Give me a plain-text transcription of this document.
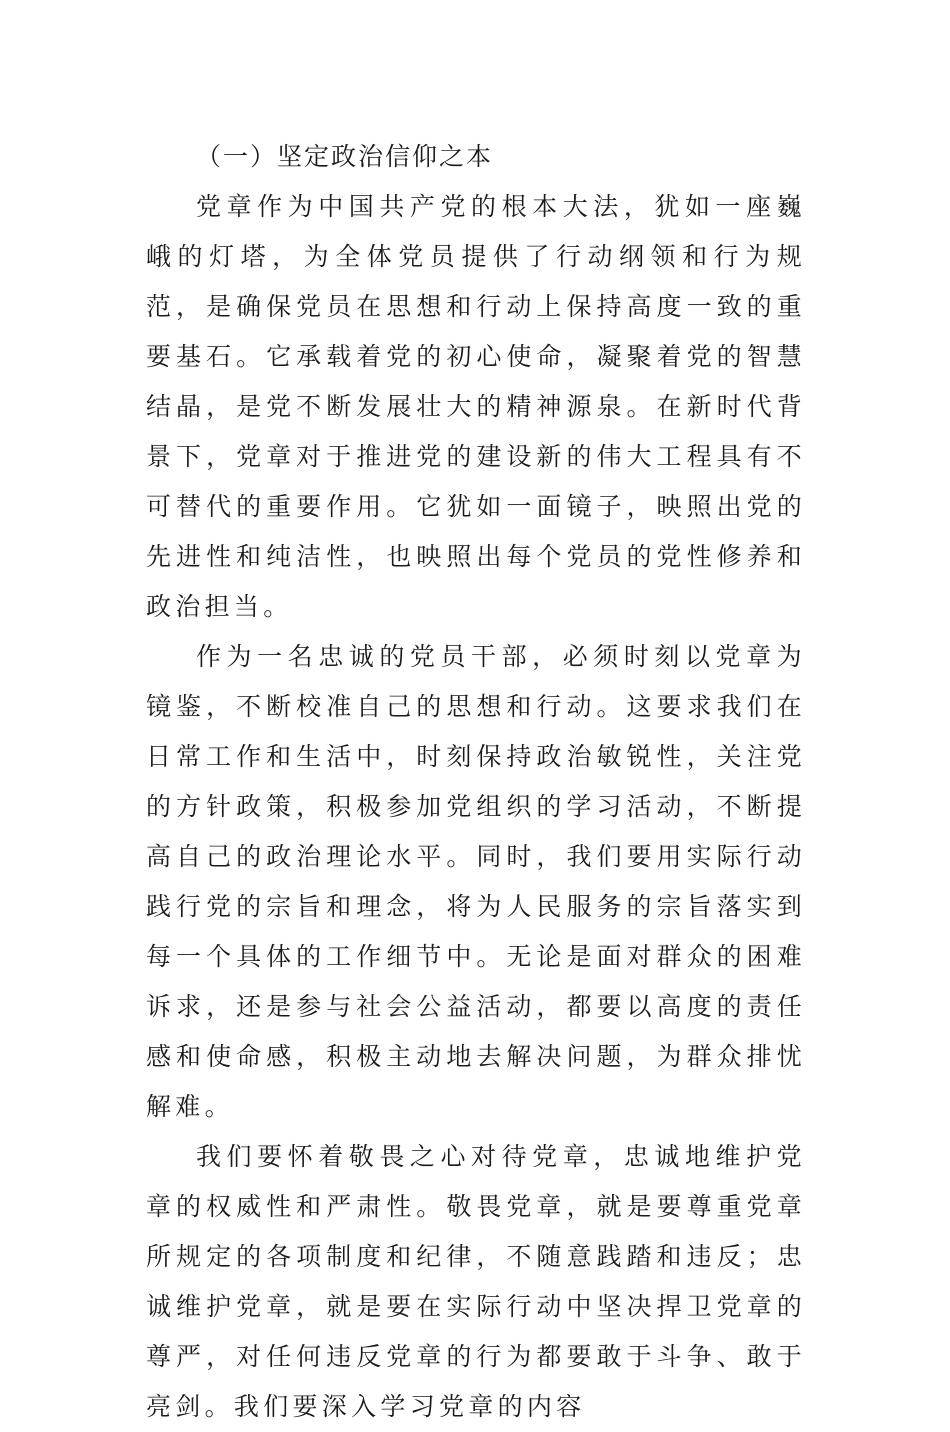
（一）坚定政治信仰之本

党章作为中国共产党的根本大法，犹如一座巍峨的灯塔，为全体党员提供了行动纲领和行为规范，是确保党员在思想和行动上保持高度一致的重要基石。它承载着党的初心使命，凝聚着党的智慧结晶，是党不断发展壮大的精神源泉。在新时代背景下，党章对于推进党的建设新的伟大工程具有不可替代的重要作用。它犹如一面镜子，映照出党的先进性和纯洁性，也映照出每个党员的党性修养和政治担当。

作为一名忠诚的党员干部，必须时刻以党章为镜鉴，不断校准自己的思想和行动。这要求我们在日常工作和生活中，时刻保持政治敏锐性，关注党的方针政策，积极参加党组织的学习活动，不断提高自己的政治理论水平。同时，我们要用实际行动践行党的宗旨和理念，将为人民服务的宗旨落实到每一个具体的工作细节中。无论是面对群众的困难诉求，还是参与社会公益活动，都要以高度的责任感和使命感，积极主动地去解决问题，为群众排忧解难。

我们要怀着敬畏之心对待党章，忠诚地维护党章的权威性和严肃性。敬畏党章，就是要尊重党章所规定的各项制度和纪律，不随意践踏和违反；忠诚维护党章，就是要在实际行动中坚决捍卫党章的尊严，对任何违反党章的行为都要敢于斗争、敢于亮剑。我们要深入学习党章的内容
